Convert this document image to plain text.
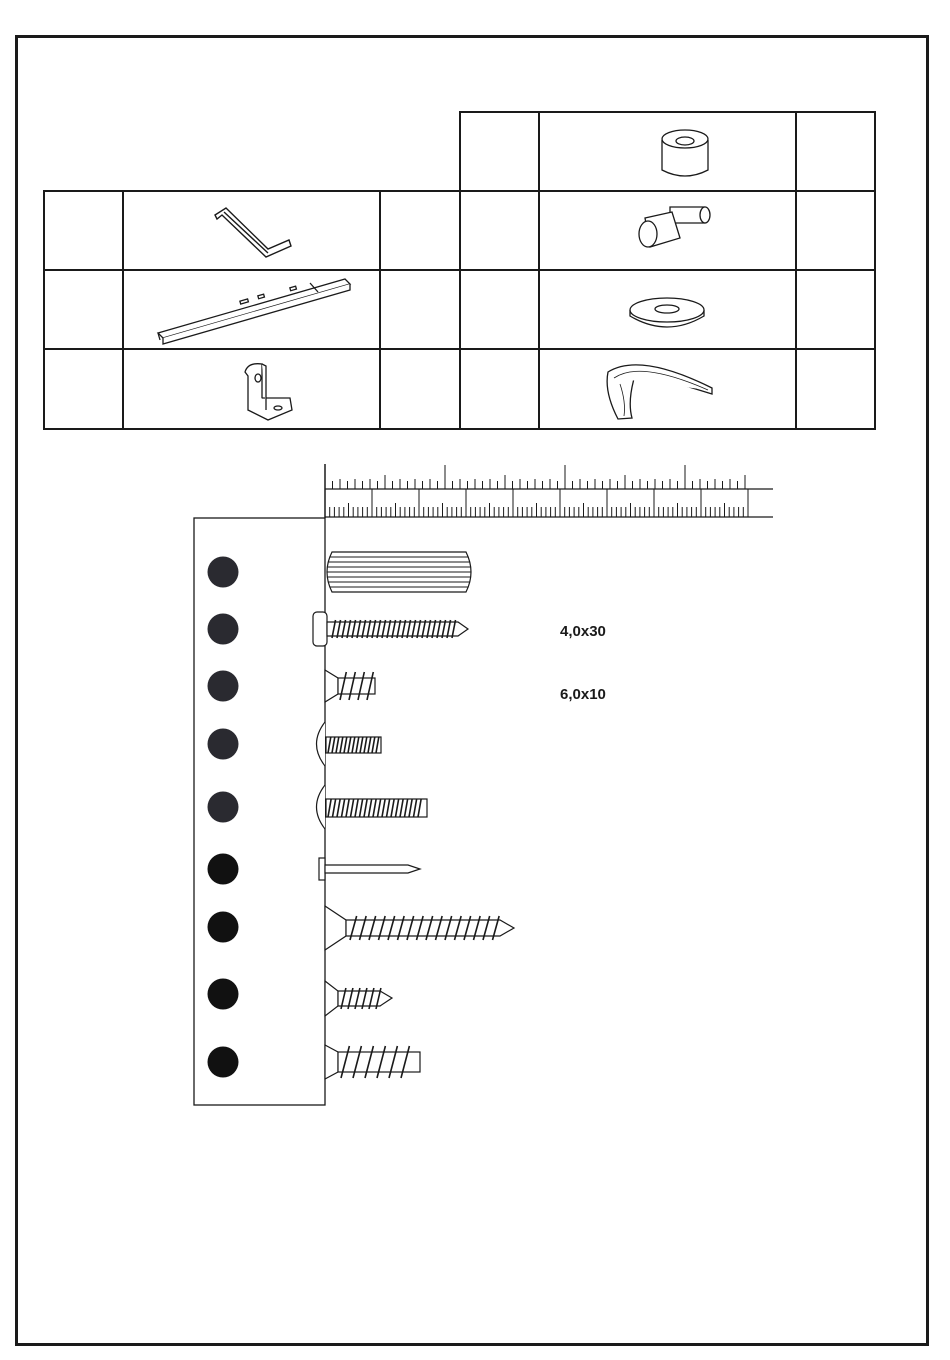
4,0x30
6,0x10
